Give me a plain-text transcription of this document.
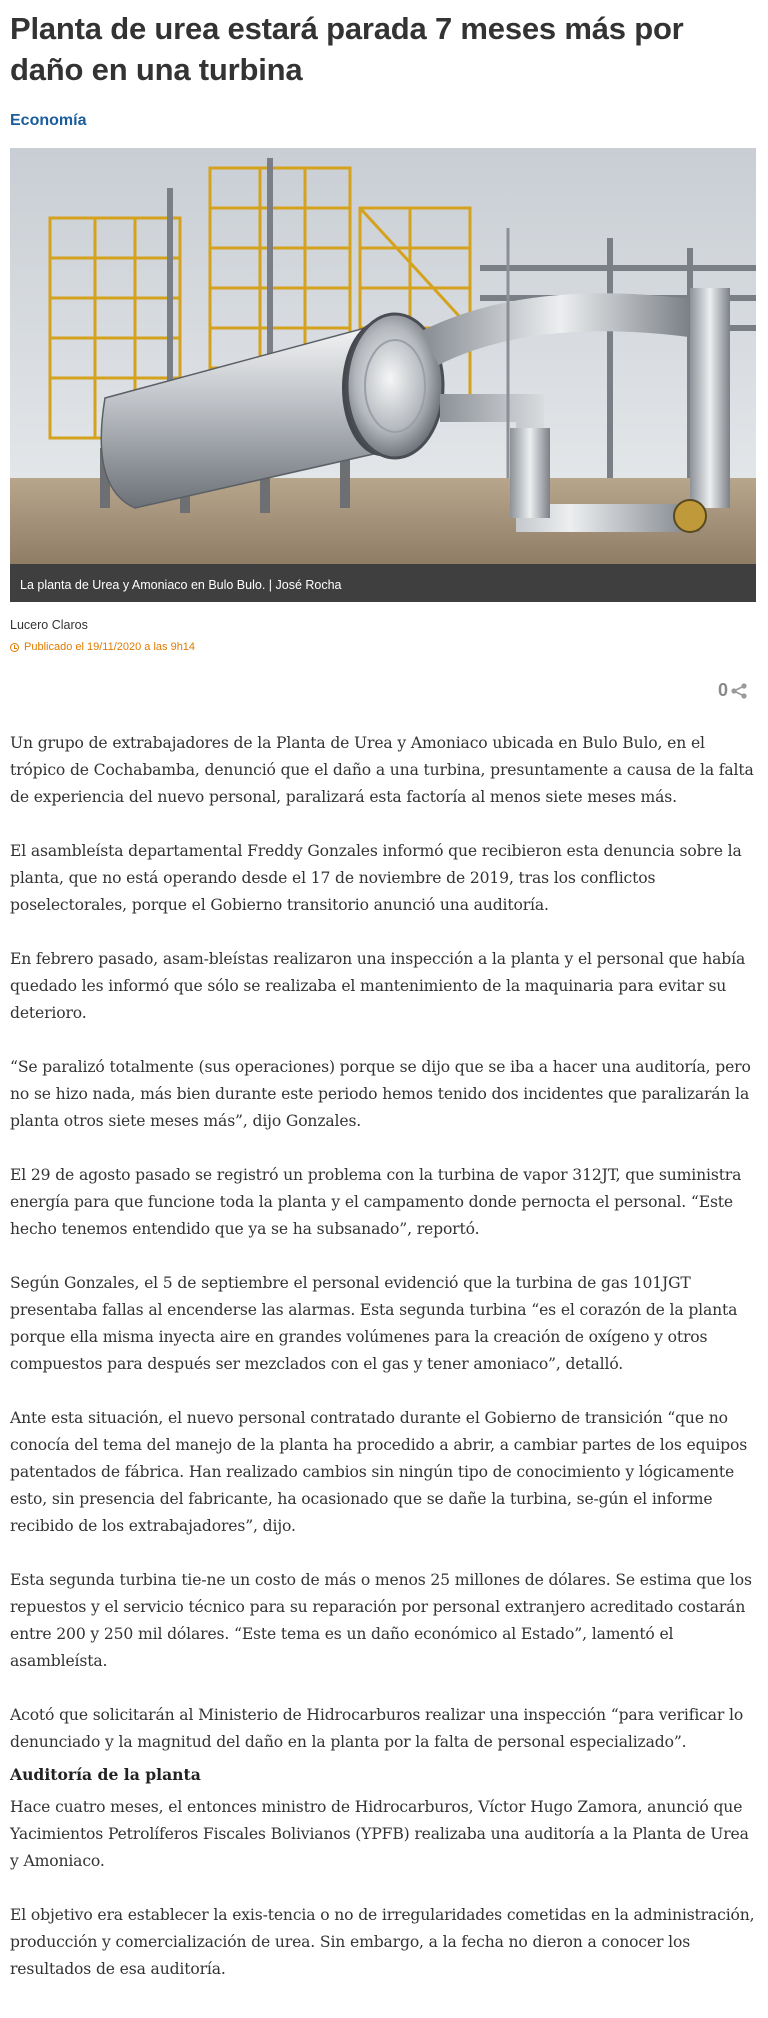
Planta de urea estará parada 7 meses más por daño en una turbina
Economía
La planta de Urea y Amoniaco en Bulo Bulo. | José Rocha
Lucero Claros
Publicado el 19/11/2020 a las 9h14
0

Un grupo de extrabajadores de la Planta de Urea y Amoniaco ubicada en Bulo Bulo, en el trópico de Cochabamba, denunció que el daño a una turbina, presuntamente a causa de la falta de experiencia del nuevo personal, paralizará esta factoría al menos siete meses más.

El asambleísta departamental Freddy Gonzales informó que recibieron esta denuncia sobre la planta, que no está operando desde el 17 de noviembre de 2019, tras los conflictos poselectorales, porque el Gobierno transitorio anunció una auditoría.

En febrero pasado, asam-bleístas realizaron una inspección a la planta y el personal que había quedado les informó que sólo se realizaba el mantenimiento de la maquinaria para evitar su deterioro.

“Se paralizó totalmente (sus operaciones) porque se dijo que se iba a hacer una auditoría, pero no se hizo nada, más bien durante este periodo hemos tenido dos incidentes que paralizarán la planta otros siete meses más”, dijo Gonzales.

El 29 de agosto pasado se registró un problema con la turbina de vapor 312JT, que suministra energía para que funcione toda la planta y el campamento donde pernocta el personal. “Este hecho tenemos entendido que ya se ha subsanado”, reportó.

Según Gonzales, el 5 de septiembre el personal evidenció que la turbina de gas 101JGT presentaba fallas al encenderse las alarmas. Esta segunda turbina “es el corazón de la planta porque ella misma inyecta aire en grandes volúmenes para la creación de oxígeno y otros compuestos para después ser mezclados con el gas y tener amoniaco”, detalló.

Ante esta situación, el nuevo personal contratado durante el Gobierno de transición “que no conocía del tema del manejo de la planta ha procedido a abrir, a cambiar partes de los equipos patentados de fábrica. Han realizado cambios sin ningún tipo de conocimiento y lógicamente esto, sin presencia del fabricante, ha ocasionado que se dañe la turbina, se-gún el informe recibido de los extrabajadores”, dijo.

Esta segunda turbina tie-ne un costo de más o menos 25 millones de dólares. Se estima que los repuestos y el servicio técnico para su reparación por personal extranjero acreditado costarán entre 200 y 250 mil dólares. “Este tema es un daño económico al Estado”, lamentó el asambleísta.

Acotó que solicitarán al Ministerio de Hidrocarburos realizar una inspección “para verificar lo denunciado y la magnitud del daño en la planta por la falta de personal especializado”.

Auditoría de la planta

Hace cuatro meses, el entonces ministro de Hidrocarburos, Víctor Hugo Zamora, anunció que Yacimientos Petrolíferos Fiscales Bolivianos (YPFB) realizaba una auditoría a la Planta de Urea y Amoniaco.

El objetivo era establecer la exis-tencia o no de irregularidades cometidas en la administración, producción y comercialización de urea. Sin embargo, a la fecha no dieron a conocer los resultados de esa auditoría.
